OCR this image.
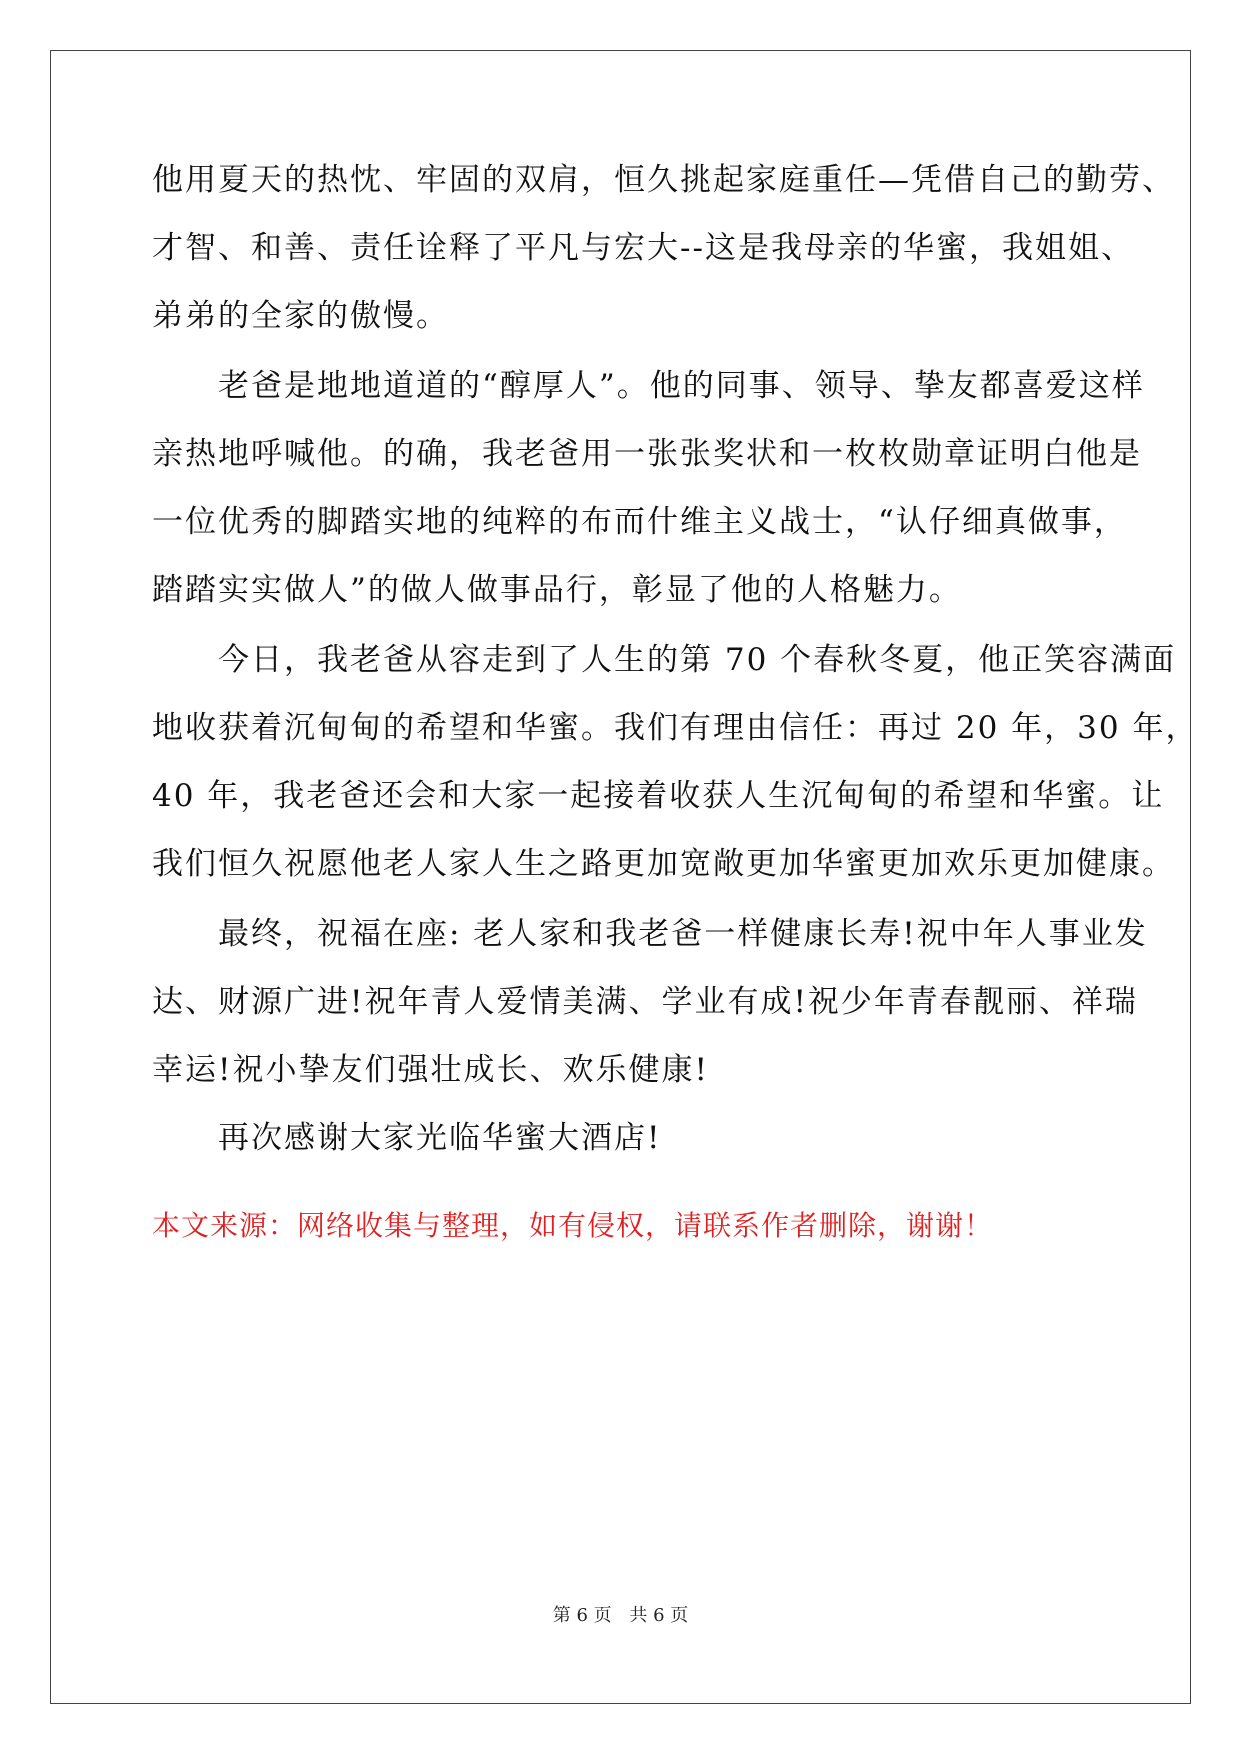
他用夏天的热忱、牢固的双肩，恒久挑起家庭重任—凭借自己的勤劳、
才智、和善、责任诠释了平凡与宏大--这是我母亲的华蜜，我姐姐、
弟弟的全家的傲慢。
　　老爸是地地道道的“醇厚人”。他的同事、领导、挚友都喜爱这样
亲热地呼喊他。的确，我老爸用一张张奖状和一枚枚勋章证明白他是
一位优秀的脚踏实地的纯粹的布而什维主义战士，“认仔细真做事，
踏踏实实做人”的做人做事品行，彰显了他的人格魅力。
　　今日，我老爸从容走到了人生的第 70 个春秋冬夏，他正笑容满面
地收获着沉甸甸的希望和华蜜。我们有理由信任：再过 20 年，30 年，
40 年，我老爸还会和大家一起接着收获人生沉甸甸的希望和华蜜。让
我们恒久祝愿他老人家人生之路更加宽敞更加华蜜更加欢乐更加健康。
　　最终，祝福在座: 老人家和我老爸一样健康长寿!祝中年人事业发
达、财源广进!祝年青人爱情美满、学业有成!祝少年青春靓丽、祥瑞
幸运!祝小挚友们强壮成长、欢乐健康!
　　再次感谢大家光临华蜜大酒店!
本文来源：网络收集与整理，如有侵权，请联系作者删除，谢谢！
第 6 页 共 6 页
